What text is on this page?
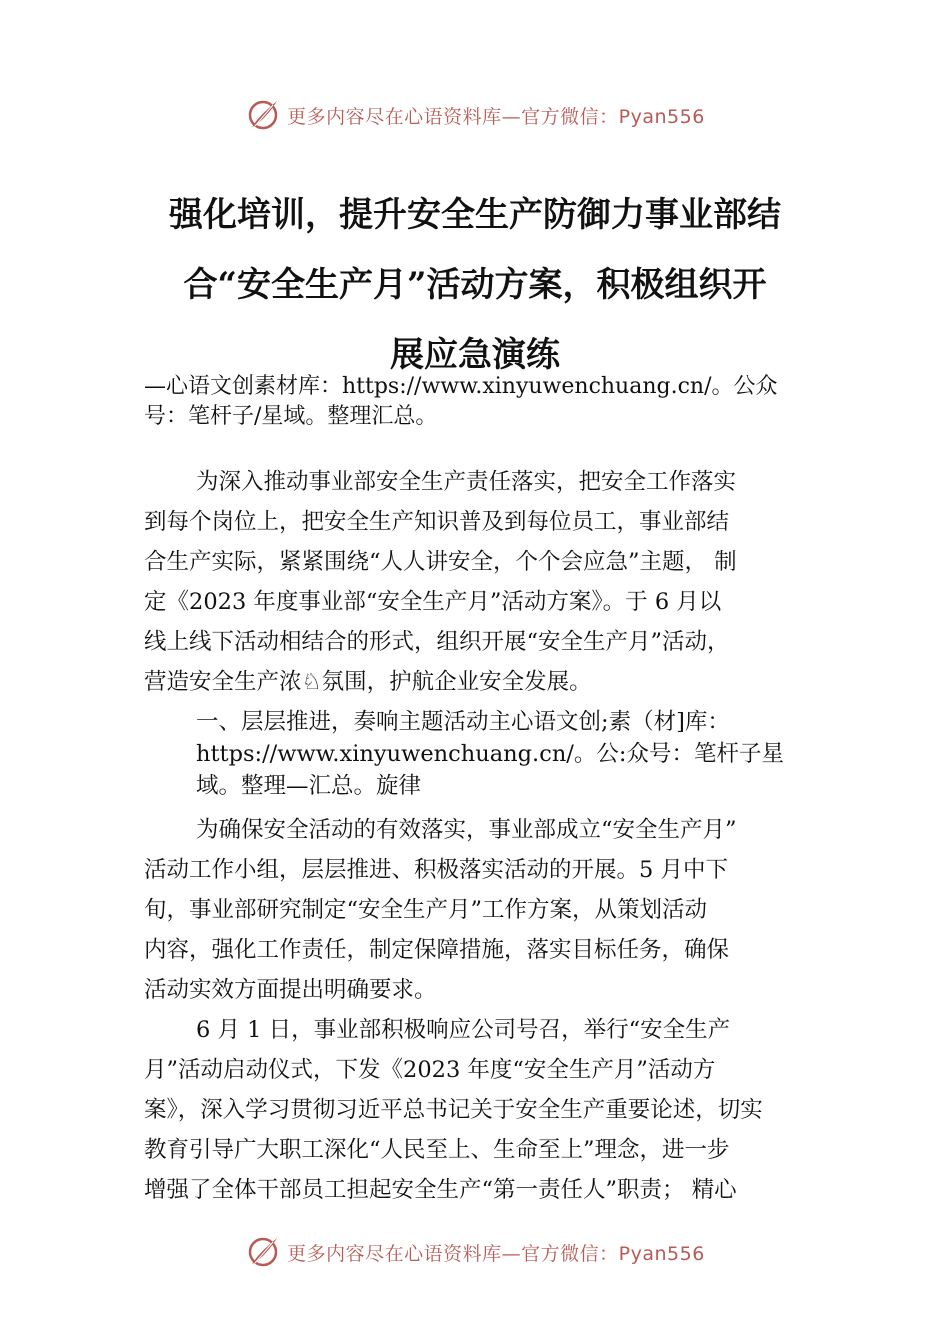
更多内容尽在心语资料库—官方微信：Pyan556
强化培训，提升安全生产防御力事业部结
合“安全生产月”活动方案，积极组织开
展应急演练
—心语文创素材库：https://www.xinyuwenchuang.cn/。公众
号：笔杆子/星域。整理汇总。
为深入推动事业部安全生产责任落实，把安全工作落实
到每个岗位上，把安全生产知识普及到每位员工，事业部结
合生产实际，紧紧围绕“人人讲安全，个个会应急”主题， 制
定《2023 年度事业部“安全生产月”活动方案》。于 6 月以
线上线下活动相结合的形式，组织开展“安全生产月”活动，
营造安全生产浓♘氛围，护航企业安全发展。
一、层层推进，奏响主题活动主心语文创;素（材]库：
https://www.xinyuwenchuang.cn/。公:众号：笔杆子星
域。整理—汇总。旋律
为确保安全活动的有效落实，事业部成立“安全生产月”
活动工作小组，层层推进、积极落实活动的开展。5 月中下
旬，事业部研究制定“安全生产月”工作方案，从策划活动
内容，强化工作责任，制定保障措施，落实目标任务，确保
活动实效方面提出明确要求。
6 月 1 日，事业部积极响应公司号召，举行“安全生产
月”活动启动仪式，下发《2023 年度“安全生产月”活动方
案》，深入学习贯彻习近平总书记关于安全生产重要论述，切实
教育引导广大职工深化“人民至上、生命至上”理念，进一步
增强了全体干部员工担起安全生产“第一责任人”职责； 精心
更多内容尽在心语资料库—官方微信：Pyan556
